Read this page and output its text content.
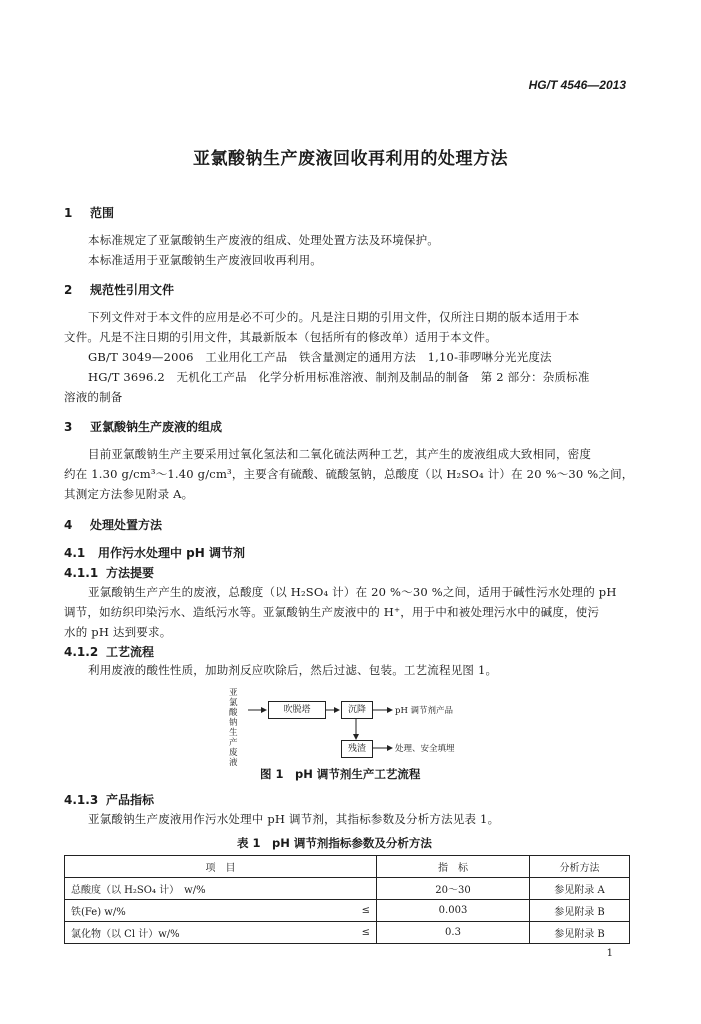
HG/T 4546—2013
亚氯酸钠生产废液回收再利用的处理方法
1 范围
本标准规定了亚氯酸钠生产废液的组成、处理处置方法及环境保护。
本标准适用于亚氯酸钠生产废液回收再利用。
2 规范性引用文件
下列文件对于本文件的应用是必不可少的。凡是注日期的引用文件，仅所注日期的版本适用于本
文件。凡是不注日期的引用文件，其最新版本（包括所有的修改单）适用于本文件。
GB/T 3049—2006　工业用化工产品　铁含量测定的通用方法　1,10-菲啰啉分光光度法
HG/T 3696.2　无机化工产品　化学分析用标准溶液、制剂及制品的制备　第 2 部分：杂质标准
溶液的制备
3 亚氯酸钠生产废液的组成
目前亚氯酸钠生产主要采用过氧化氢法和二氧化硫法两种工艺，其产生的废液组成大致相同，密度
约在 1.30 g/cm³～1.40 g/cm³，主要含有硫酸、硫酸氢钠，总酸度（以 H₂SO₄ 计）在 20 %～30 %之间，
其测定方法参见附录 A。
4 处理处置方法
4.1 用作污水处理中 pH 调节剂
4.1.1 方法提要
亚氯酸钠生产产生的废液，总酸度（以 H₂SO₄ 计）在 20 %～30 %之间，适用于碱性污水处理的 pH
调节，如纺织印染污水、造纸污水等。亚氯酸钠生产废液中的 H⁺，用于中和被处理污水中的碱度，使污
水的 pH 达到要求。
4.1.2 工艺流程
利用废液的酸性性质，加助剂反应吹除后，然后过滤、包装。工艺流程见图 1。
亚
氯
酸
钠
生
产
废
液
吹脱塔	沉降
残渣
pH 调节剂产品
处理、安全填埋
图 1　pH 调节剂生产工艺流程
4.1.3 产品指标
亚氯酸钠生产废液用作污水处理中 pH 调节剂，其指标参数及分析方法见表 1。
表 1　pH 调节剂指标参数及分析方法
项　目		指　标	分析方法
总酸度（以 H₂SO₄ 计）　w/%		20～30	参见附录 A
铁(Fe) w/%	≤	0.003	参见附录 B
氯化物（以 Cl 计）w/%	≤	0.3	参见附录 B
1
